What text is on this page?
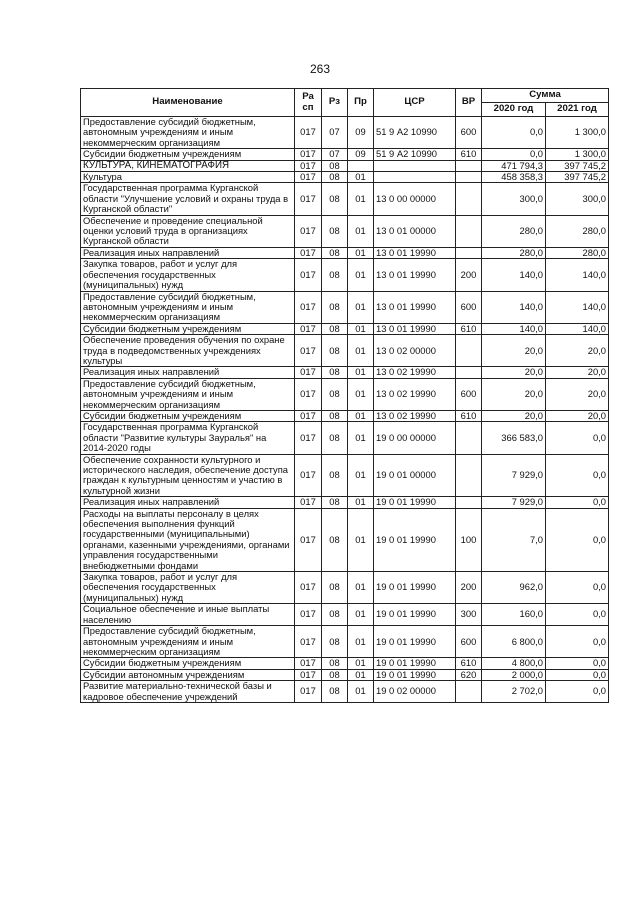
263
Наименование	Ра сп	Рз	Пр	ЦСР	ВР	Сумма	
						2020 год	2021 год
Предоставление субсидий бюджетным, автономным учреждениям и иным некоммерческим организациям	017	07	09	51 9 А2 10990	600	0,0	1 300,0
Субсидии бюджетным учреждениям	017	07	09	51 9 А2 10990	610	0,0	1 300,0
КУЛЬТУРА, КИНЕМАТОГРАФИЯ	017	08				471 794,3	397 745,2
Культура	017	08	01			458 358,3	397 745,2
Государственная программа Курганской области "Улучшение условий и охраны труда в Курганской области"	017	08	01	13 0 00 00000		300,0	300,0
Обеспечение и проведение специальной оценки условий труда в организациях Курганской области	017	08	01	13 0 01 00000		280,0	280,0
Реализация иных направлений	017	08	01	13 0 01 19990		280,0	280,0
Закупка товаров, работ и услуг для обеспечения государственных (муниципальных) нужд	017	08	01	13 0 01 19990	200	140,0	140,0
Предоставление субсидий бюджетным, автономным учреждениям и иным некоммерческим организациям	017	08	01	13 0 01 19990	600	140,0	140,0
Субсидии бюджетным учреждениям	017	08	01	13 0 01 19990	610	140,0	140,0
Обеспечение проведения обучения по охране труда в подведомственных учреждениях культуры	017	08	01	13 0 02 00000		20,0	20,0
Реализация иных направлений	017	08	01	13 0 02 19990		20,0	20,0
Предоставление субсидий бюджетным, автономным учреждениям и иным некоммерческим организациям	017	08	01	13 0 02 19990	600	20,0	20,0
Субсидии бюджетным учреждениям	017	08	01	13 0 02 19990	610	20,0	20,0
Государственная программа Курганской области "Развитие культуры Зауралья" на 2014-2020 годы	017	08	01	19 0 00 00000		366 583,0	0,0
Обеспечение сохранности культурного и исторического наследия, обеспечение доступа граждан к культурным ценностям и участию в культурной жизни	017	08	01	19 0 01 00000		7 929,0	0,0
Реализация иных направлений	017	08	01	19 0 01 19990		7 929,0	0,0
Расходы на выплаты персоналу в целях обеспечения выполнения функций государственными (муниципальными) органами, казенными учреждениями, органами управления государственными внебюджетными фондами	017	08	01	19 0 01 19990	100	7,0	0,0
Закупка товаров, работ и услуг для обеспечения государственных (муниципальных) нужд	017	08	01	19 0 01 19990	200	962,0	0,0
Социальное обеспечение и иные выплаты населению	017	08	01	19 0 01 19990	300	160,0	0,0
Предоставление субсидий бюджетным, автономным учреждениям и иным некоммерческим организациям	017	08	01	19 0 01 19990	600	6 800,0	0,0
Субсидии бюджетным учреждениям	017	08	01	19 0 01 19990	610	4 800,0	0,0
Субсидии автономным учреждениям	017	08	01	19 0 01 19990	620	2 000,0	0,0
Развитие материально-технической базы и кадровое обеспечение учреждений	017	08	01	19 0 02 00000		2 702,0	0,0
